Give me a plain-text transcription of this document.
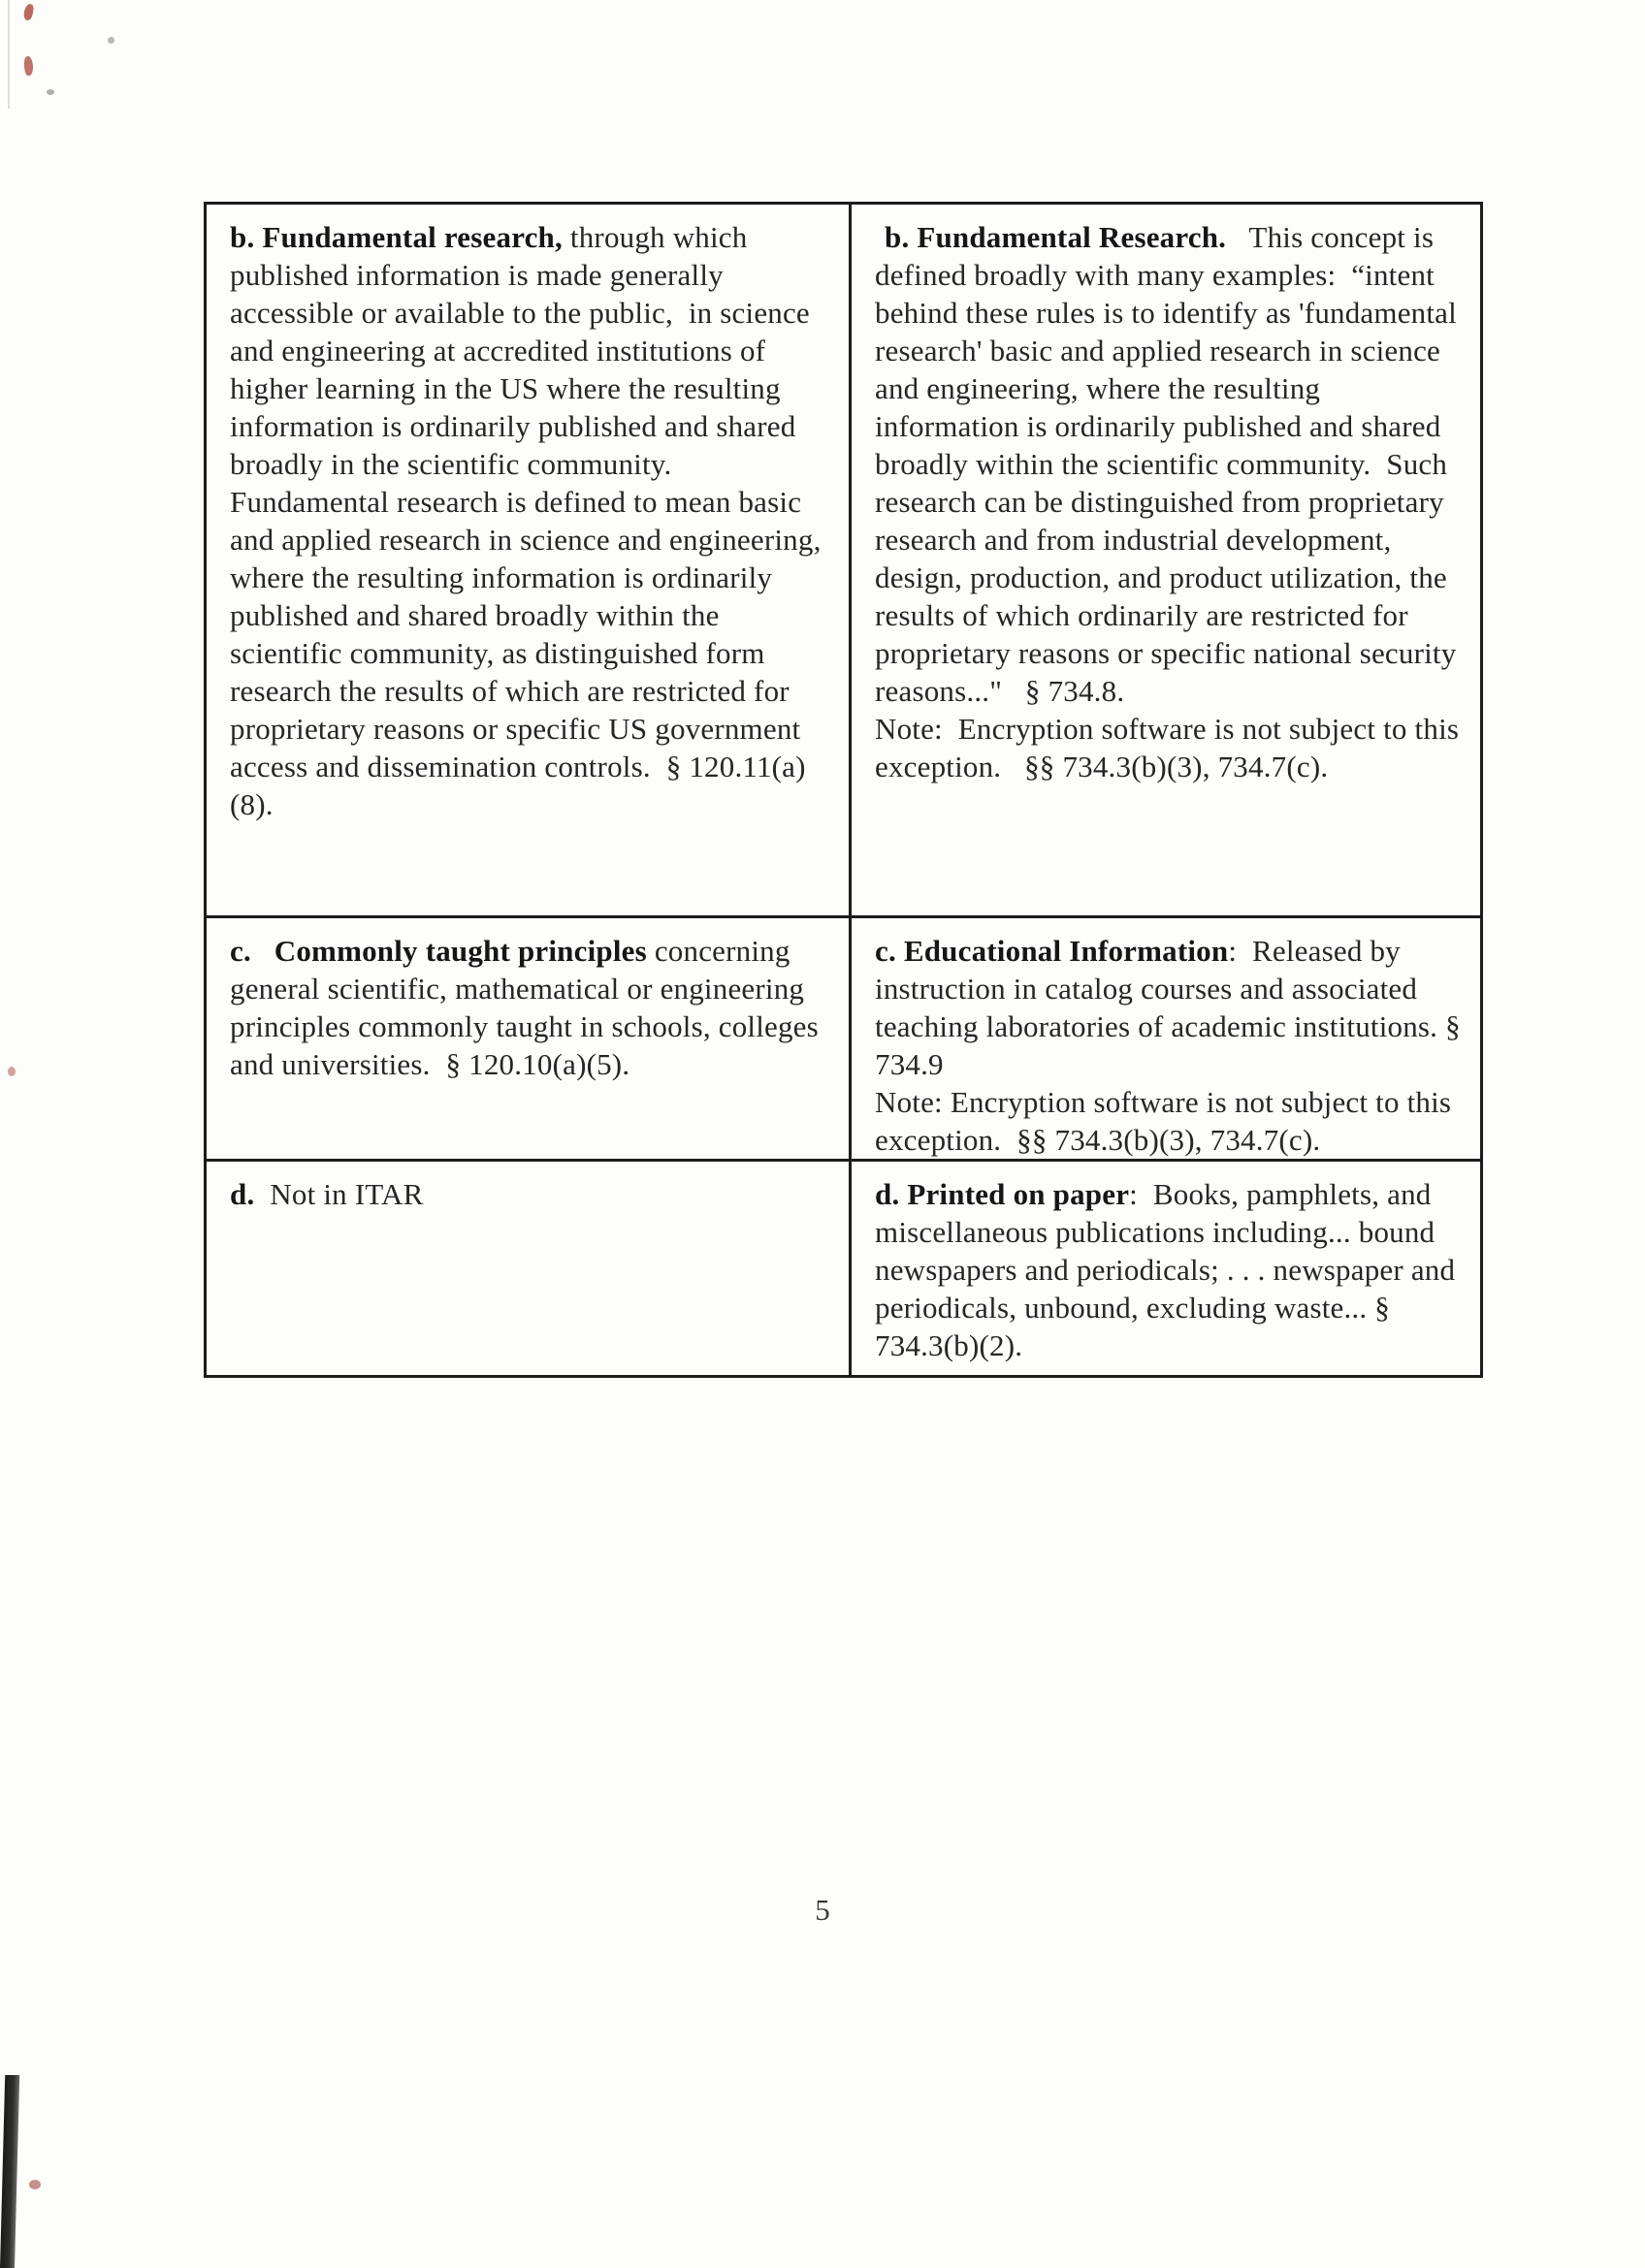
b. Fundamental research, through which published information is made generally accessible or available to the public,  in science and engineering at accredited institutions of higher learning in the US where the resulting information is ordinarily published and shared broadly in the scientific community.  Fundamental research is defined to mean basic and applied research in science and engineering, where the resulting information is ordinarily published and shared broadly within the scientific community, as distinguished form research the results of which are restricted for proprietary reasons or specific US government access and dissemination controls.  § 120.11(a)(8).

b. Fundamental Research.   This concept is defined broadly with many examples:  “intent behind these rules is to identify as 'fundamental research' basic and applied research in science and engineering, where the resulting information is ordinarily published and shared broadly within the scientific community.  Such research can be distinguished from proprietary research and from industrial development, design, production, and product utilization, the results of which ordinarily are restricted for proprietary reasons or specific national security reasons..."   § 734.8.

Note:  Encryption software is not subject to this exception.   §§ 734.3(b)(3), 734.7(c).

c.   Commonly taught principles concerning general scientific, mathematical or engineering principles commonly taught in schools, colleges and universities.  § 120.10(a)(5).

c. Educational Information:  Released by instruction in catalog courses and associated teaching laboratories of academic institutions. § 734.9

Note: Encryption software is not subject to this exception.  §§ 734.3(b)(3), 734.7(c).

d.  Not in ITAR	d. Printed on paper:  Books, pamphlets, and miscellaneous publications including... bound newspapers and periodicals; . . . newspaper and periodicals, unbound, excluding waste... § 734.3(b)(2).

5
